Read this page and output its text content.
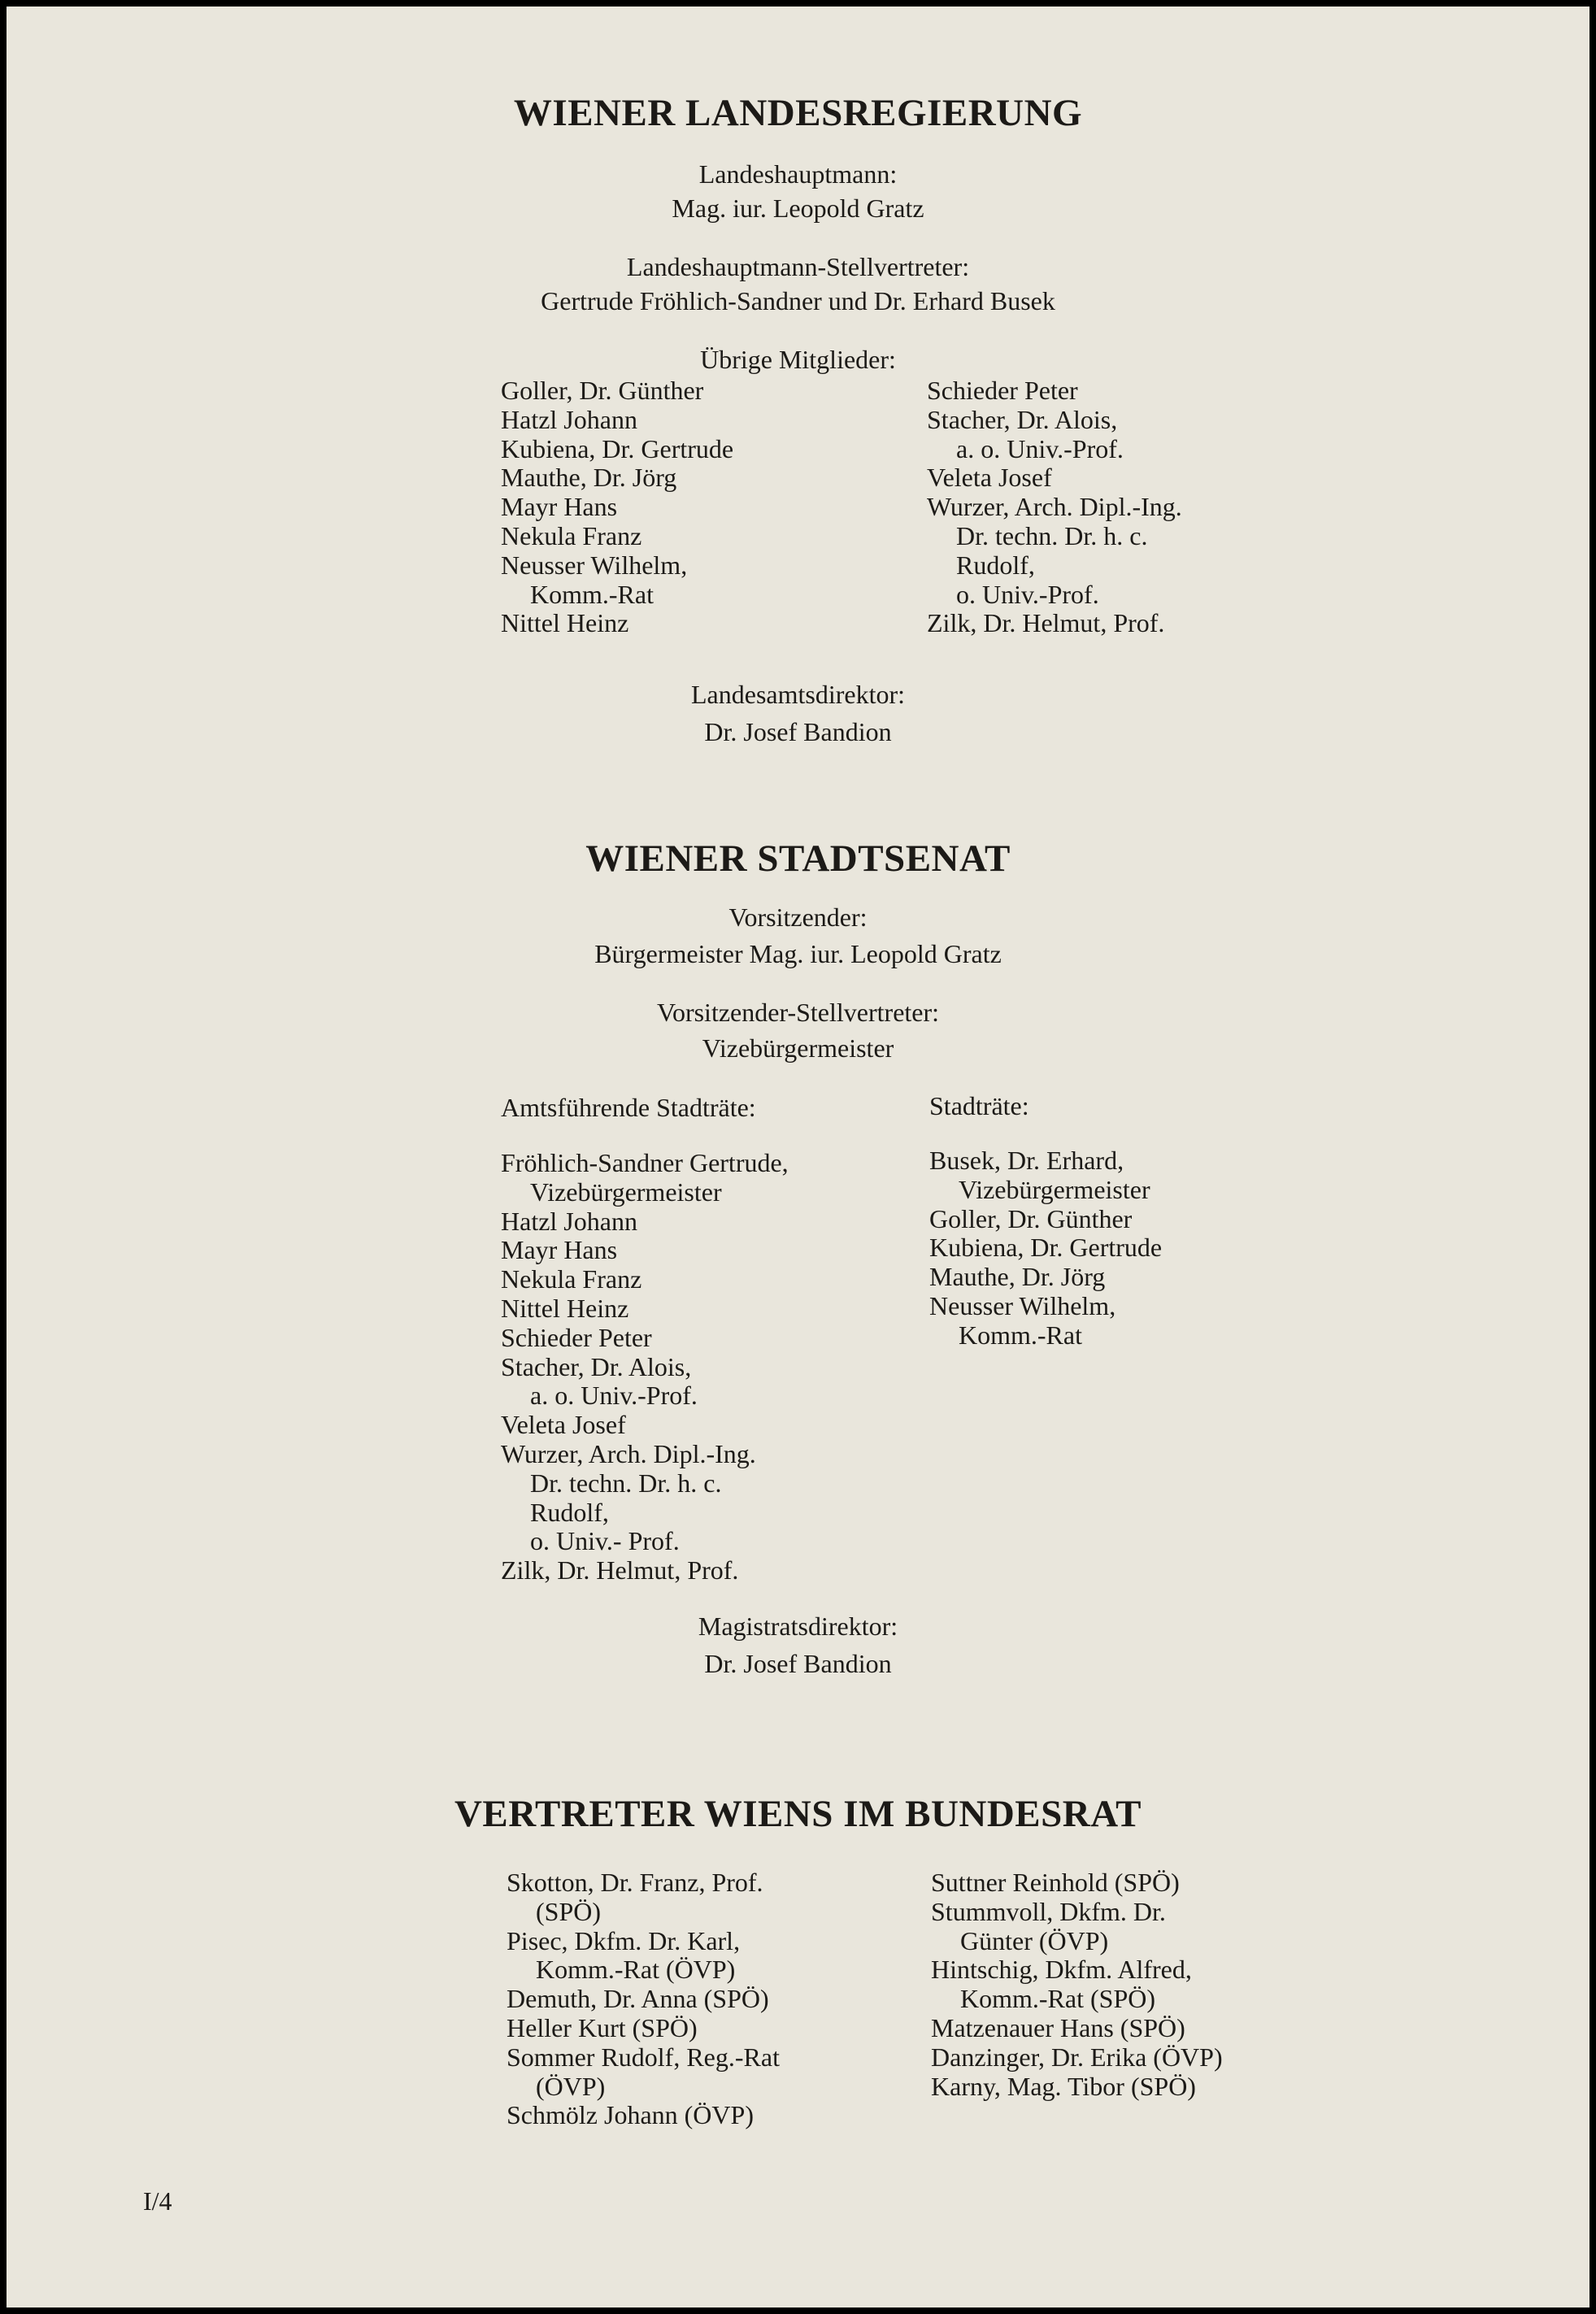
WIENER LANDESREGIERUNG
Landeshauptmann:
Mag. iur. Leopold Gratz
Landeshauptmann-Stellvertreter:
Gertrude Fröhlich-Sandner und Dr. Erhard Busek
Übrige Mitglieder:
Goller, Dr. Günther
Hatzl Johann
Kubiena, Dr. Gertrude
Mauthe, Dr. Jörg
Mayr Hans
Nekula Franz
Neusser Wilhelm,
Komm.-Rat
Nittel Heinz
Schieder Peter
Stacher, Dr. Alois,
a. o. Univ.-Prof.
Veleta Josef
Wurzer, Arch. Dipl.-Ing.
Dr. techn. Dr. h. c.
Rudolf,
o. Univ.-Prof.
Zilk, Dr. Helmut, Prof.
Landesamtsdirektor:
Dr. Josef Bandion
WIENER STADTSENAT
Vorsitzender:
Bürgermeister Mag. iur. Leopold Gratz
Vorsitzender-Stellvertreter:
Vizebürgermeister
Amtsführende Stadträte:	Stadträte:
Fröhlich-Sandner Gertrude,
Vizebürgermeister
Hatzl Johann
Mayr Hans
Nekula Franz
Nittel Heinz
Schieder Peter
Stacher, Dr. Alois,
a. o. Univ.-Prof.
Veleta Josef
Wurzer, Arch. Dipl.-Ing.
Dr. techn. Dr. h. c.
Rudolf,
o. Univ.- Prof.
Zilk, Dr. Helmut, Prof.
Busek, Dr. Erhard,
Vizebürgermeister
Goller, Dr. Günther
Kubiena, Dr. Gertrude
Mauthe, Dr. Jörg
Neusser Wilhelm,
Komm.-Rat
Magistratsdirektor:
Dr. Josef Bandion
VERTRETER WIENS IM BUNDESRAT
Skotton, Dr. Franz, Prof.
(SPÖ)
Pisec, Dkfm. Dr. Karl,
Komm.-Rat (ÖVP)
Demuth, Dr. Anna (SPÖ)
Heller Kurt (SPÖ)
Sommer Rudolf, Reg.-Rat
(ÖVP)
Schmölz Johann (ÖVP)
Suttner Reinhold (SPÖ)
Stummvoll, Dkfm. Dr.
Günter (ÖVP)
Hintschig, Dkfm. Alfred,
Komm.-Rat (SPÖ)
Matzenauer Hans (SPÖ)
Danzinger, Dr. Erika (ÖVP)
Karny, Mag. Tibor (SPÖ)
I/4
